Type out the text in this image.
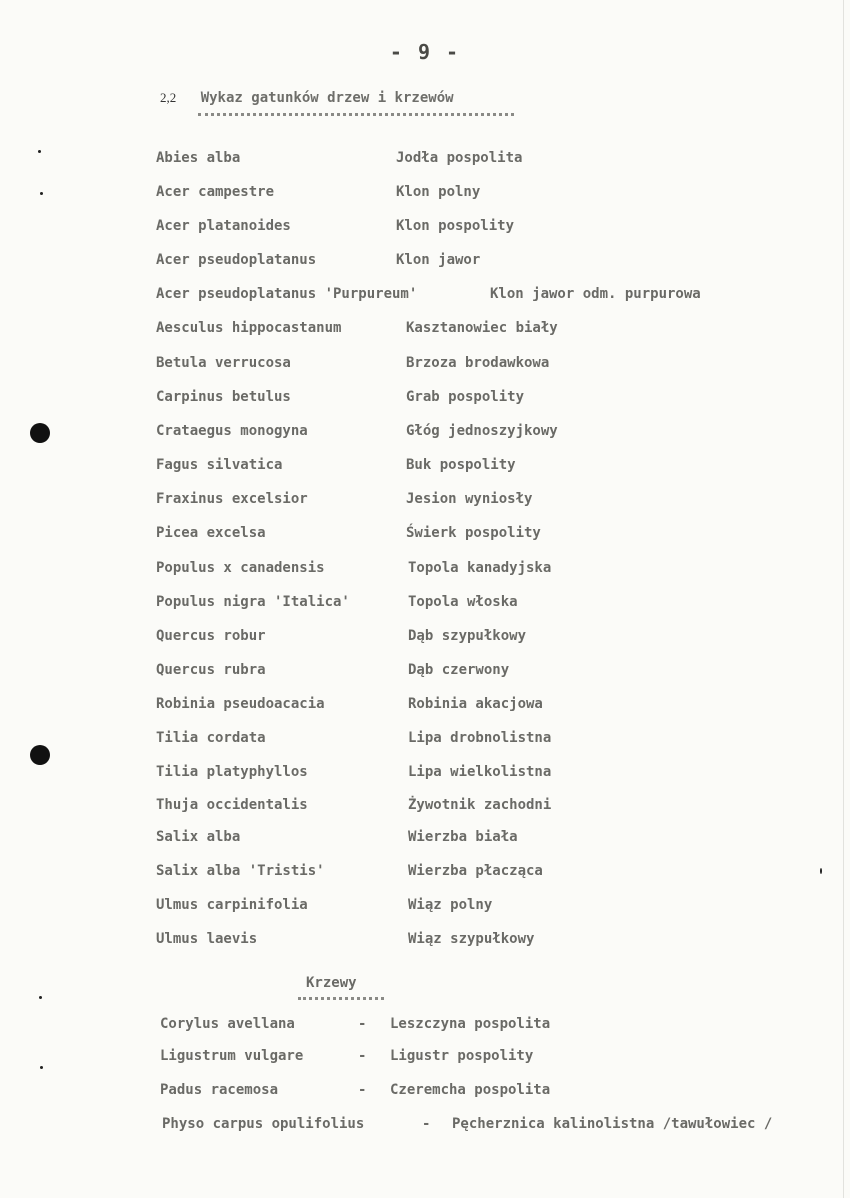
- 9 -
2,2 Wykaz gatunków drzew i krzewów
Abies alba	Jodła pospolita
Acer campestre	Klon polny
Acer platanoides	Klon pospolity
Acer pseudoplatanus	Klon jawor
Acer pseudoplatanus 'Purpureum'	Klon jawor odm. purpurowa
Aesculus hippocastanum	Kasztanowiec biały
Betula verrucosa	Brzoza brodawkowa
Carpinus betulus	Grab pospolity
Crataegus monogyna	Głóg jednoszyjkowy
Fagus silvatica	Buk pospolity
Fraxinus excelsior	Jesion wyniosły
Picea excelsa	Świerk pospolity
Populus x canadensis	Topola kanadyjska
Populus nigra 'Italica'	Topola włoska
Quercus robur	Dąb szypułkowy
Quercus rubra	Dąb czerwony
Robinia pseudoacacia	Robinia akacjowa
Tilia cordata	Lipa drobnolistna
Tilia platyphyllos	Lipa wielkolistna
Thuja occidentalis	Żywotnik zachodni
Salix alba	Wierzba biała
Salix alba 'Tristis'	Wierzba płacząca
Ulmus carpinifolia	Wiąz polny
Ulmus laevis	Wiąz szypułkowy
Krzewy
Corylus avellana	- Leszczyna pospolita
Ligustrum vulgare	- Ligustr pospolity
Padus racemosa	- Czeremcha pospolita
Physo carpus opulifolius	- Pęcherznica kalinolistna /tawułowiec /
